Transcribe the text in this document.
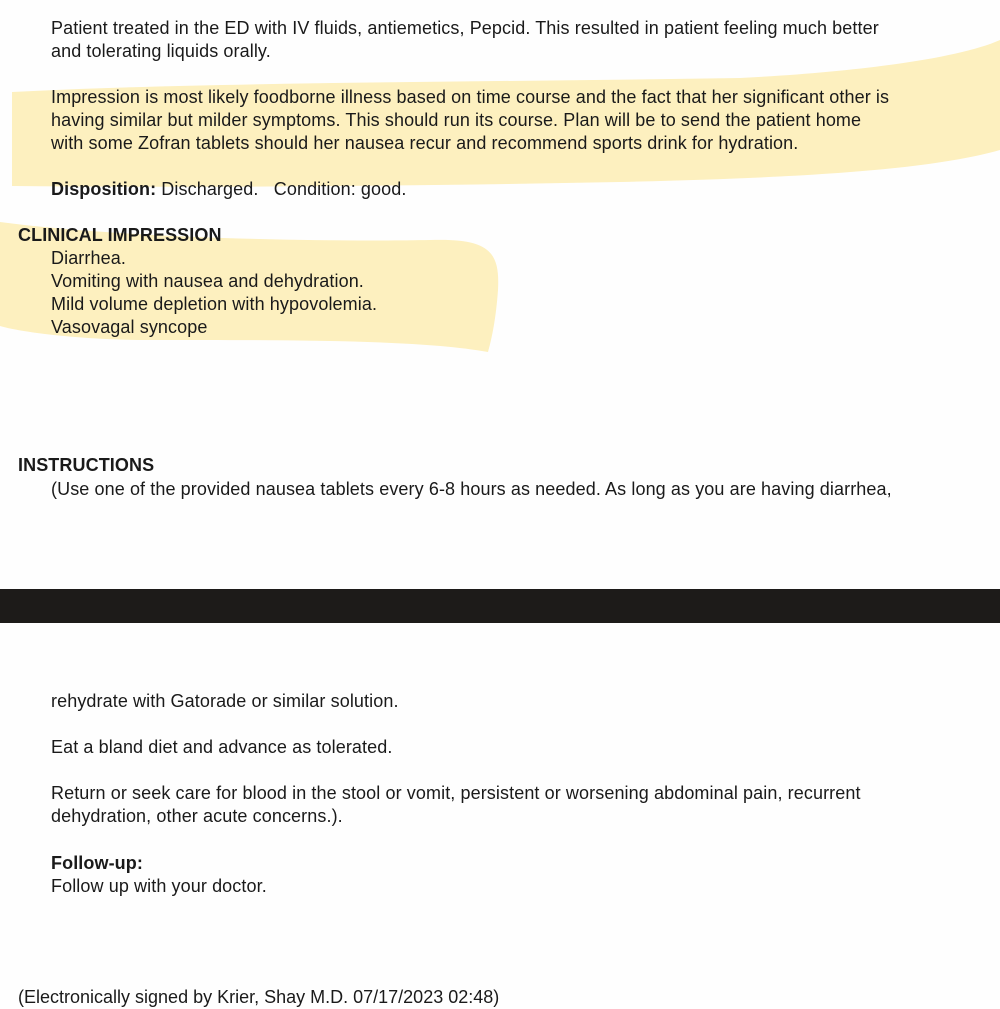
Patient treated in the ED with IV fluids, antiemetics, Pepcid. This resulted in patient feeling much better
and tolerating liquids orally.
Impression is most likely foodborne illness based on time course and the fact that her significant other is
having similar but milder symptoms. This should run its course. Plan will be to send the patient home
with some Zofran tablets should her nausea recur and recommend sports drink for hydration.
Disposition: Discharged.   Condition: good.
CLINICAL IMPRESSION
Diarrhea.
Vomiting with nausea and dehydration.
Mild volume depletion with hypovolemia.
Vasovagal syncope
INSTRUCTIONS
(Use one of the provided nausea tablets every 6-8 hours as needed. As long as you are having diarrhea,
rehydrate with Gatorade or similar solution.
Eat a bland diet and advance as tolerated.
Return or seek care for blood in the stool or vomit, persistent or worsening abdominal pain, recurrent
dehydration, other acute concerns.).
Follow-up:
Follow up with your doctor.
(Electronically signed by Krier, Shay M.D. 07/17/2023 02:48)
